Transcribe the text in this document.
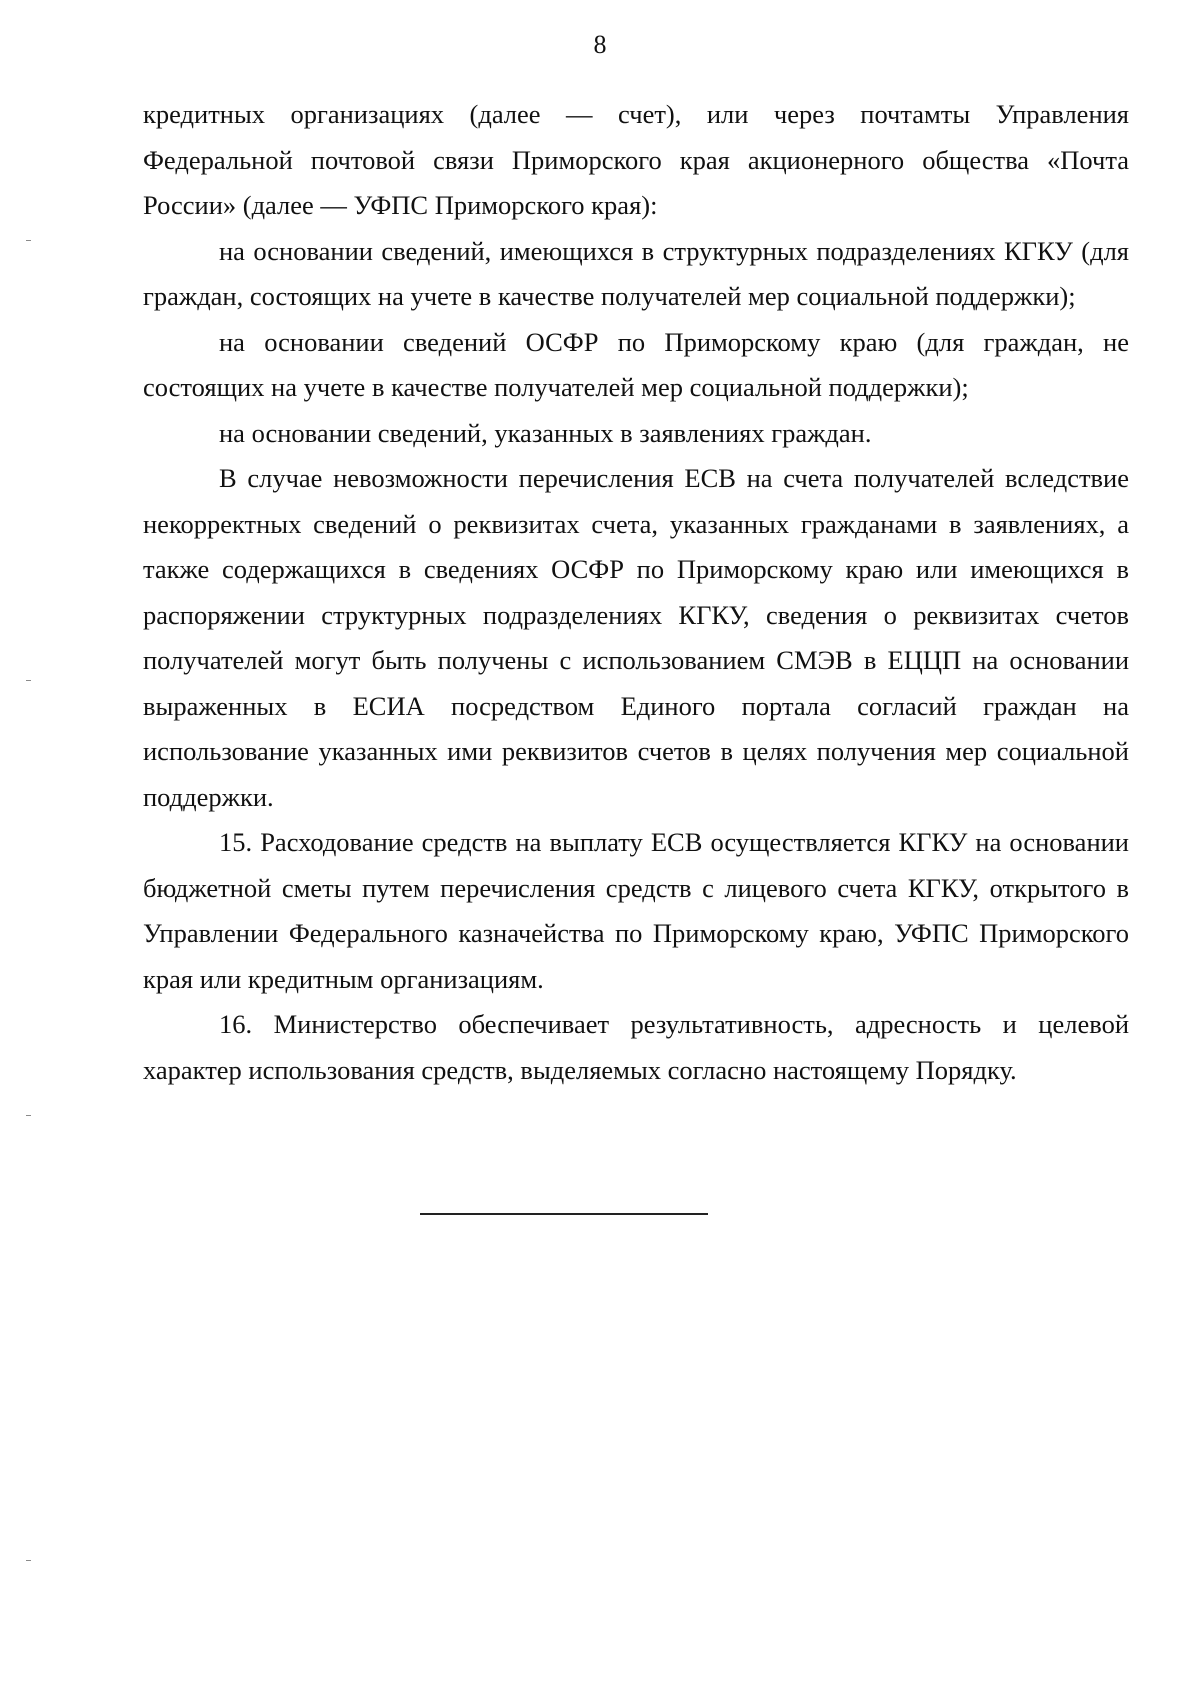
8

кредитных организациях (далее — счет), или через почтамты Управления Федеральной почтовой связи Приморского края акционерного общества «Почта России» (далее — УФПС Приморского края):

на основании сведений, имеющихся в структурных подразделениях КГКУ (для граждан, состоящих на учете в качестве получателей мер социальной поддержки);

на основании сведений ОСФР по Приморскому краю (для граждан, не состоящих на учете в качестве получателей мер социальной поддержки);

на основании сведений, указанных в заявлениях граждан.

В случае невозможности перечисления ЕСВ на счета получателей вследствие некорректных сведений о реквизитах счета, указанных гражданами в заявлениях, а также содержащихся в сведениях ОСФР по Приморскому краю или имеющихся в распоряжении структурных подразделениях КГКУ, сведения о реквизитах счетов получателей могут быть получены с использованием СМЭВ в ЕЦЦП на основании выраженных в ЕСИА посредством Единого портала согласий граждан на использование указанных ими реквизитов счетов в целях получения мер социальной поддержки.

15. Расходование средств на выплату ЕСВ осуществляется КГКУ на основании бюджетной сметы путем перечисления средств с лицевого счета КГКУ, открытого в Управлении Федерального казначейства по Приморскому краю, УФПС Приморского края или кредитным организациям.

16. Министерство обеспечивает результативность, адресность и целевой характер использования средств, выделяемых согласно настоящему Порядку.
